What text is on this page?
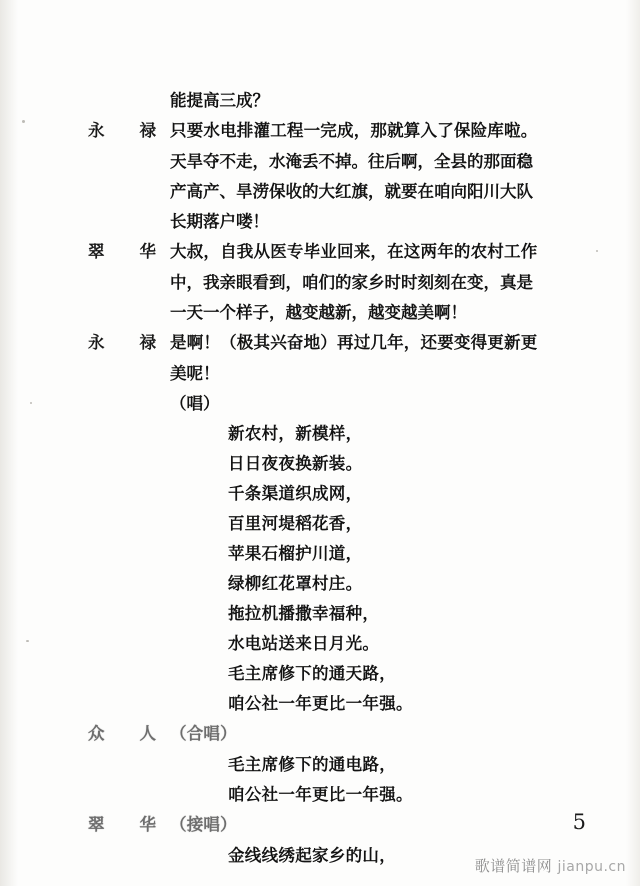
能提高三成？
永 禄 只要水电排灌工程一完成，那就算入了保险库啦。
天旱夺不走，水淹丢不掉。往后啊，全县的那面稳
产高产、旱涝保收的大红旗，就要在咱向阳川大队
长期落户喽！
翠 华 大叔，自我从医专毕业回来，在这两年的农村工作
中，我亲眼看到，咱们的家乡时时刻刻在变，真是
一天一个样子，越变越新，越变越美啊！
永 禄 是啊！（极其兴奋地）再过几年，还要变得更新更
美呢！
（唱）
新农村，新模样，
日日夜夜换新装。
千条渠道织成网，
百里河堤稻花香，
苹果石榴护川道，
绿柳红花罩村庄。
拖拉机播撒幸福种，
水电站送来日月光。
毛主席修下的通天路，
咱公社一年更比一年强。
众 人 （合唱）
毛主席修下的通电路，
咱公社一年更比一年强。
翠 华 （接唱）
金线线绣起家乡的山，
5
歌谱简谱网 jianpu.cn
